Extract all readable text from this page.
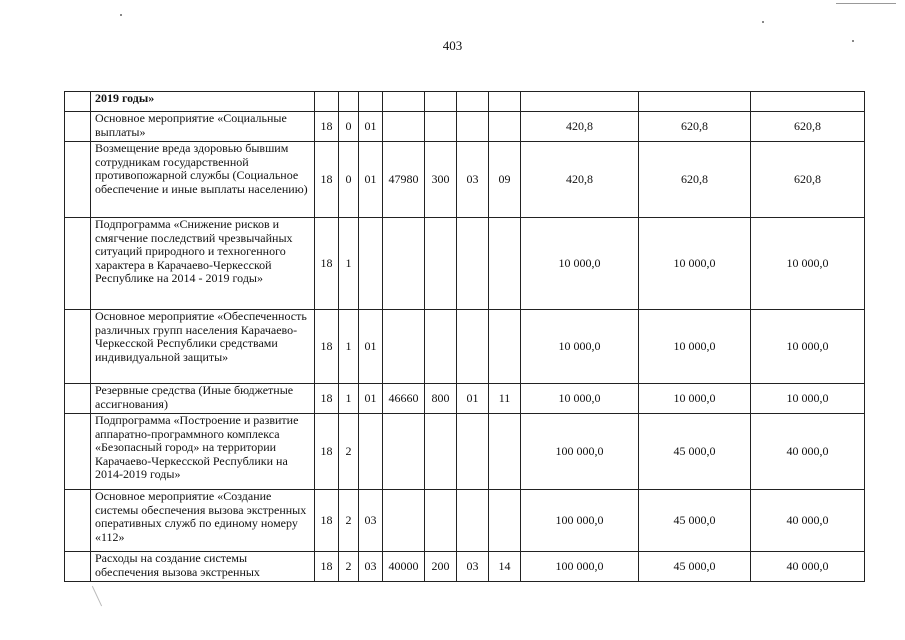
403
	2019 годы»										
	Основное мероприятие «Социальные выплаты»	18	0	01					420,8	620,8	620,8
	Возмещение вреда здоровью бывшим сотрудникам государственной противопожарной службы (Социальное обеспечение и иные выплаты населению)	18	0	01	47980	300	03	09	420,8	620,8	620,8
	Подпрограмма «Снижение рисков и смягчение последствий чрезвычайных ситуаций природного и техногенного характера в Карачаево-Черкесской Республике на 2014 - 2019 годы»	18	1						10 000,0	10 000,0	10 000,0
	Основное мероприятие «Обеспеченность различных групп населения Карачаево-Черкесской Республики средствами индивидуальной защиты»	18	1	01					10 000,0	10 000,0	10 000,0
	Резервные средства (Иные бюджетные ассигнования)	18	1	01	46660	800	01	11	10 000,0	10 000,0	10 000,0
	Подпрограмма «Построение и развитие аппаратно-программного комплекса «Безопасный город» на территории Карачаево-Черкесской Республики на 2014-2019 годы»	18	2						100 000,0	45 000,0	40 000,0
	Основное мероприятие «Создание системы обеспечения вызова экстренных оперативных служб по единому номеру «112»	18	2	03					100 000,0	45 000,0	40 000,0
	Расходы на создание системы обеспечения вызова экстренных	18	2	03	40000	200	03	14	100 000,0	45 000,0	40 000,0
